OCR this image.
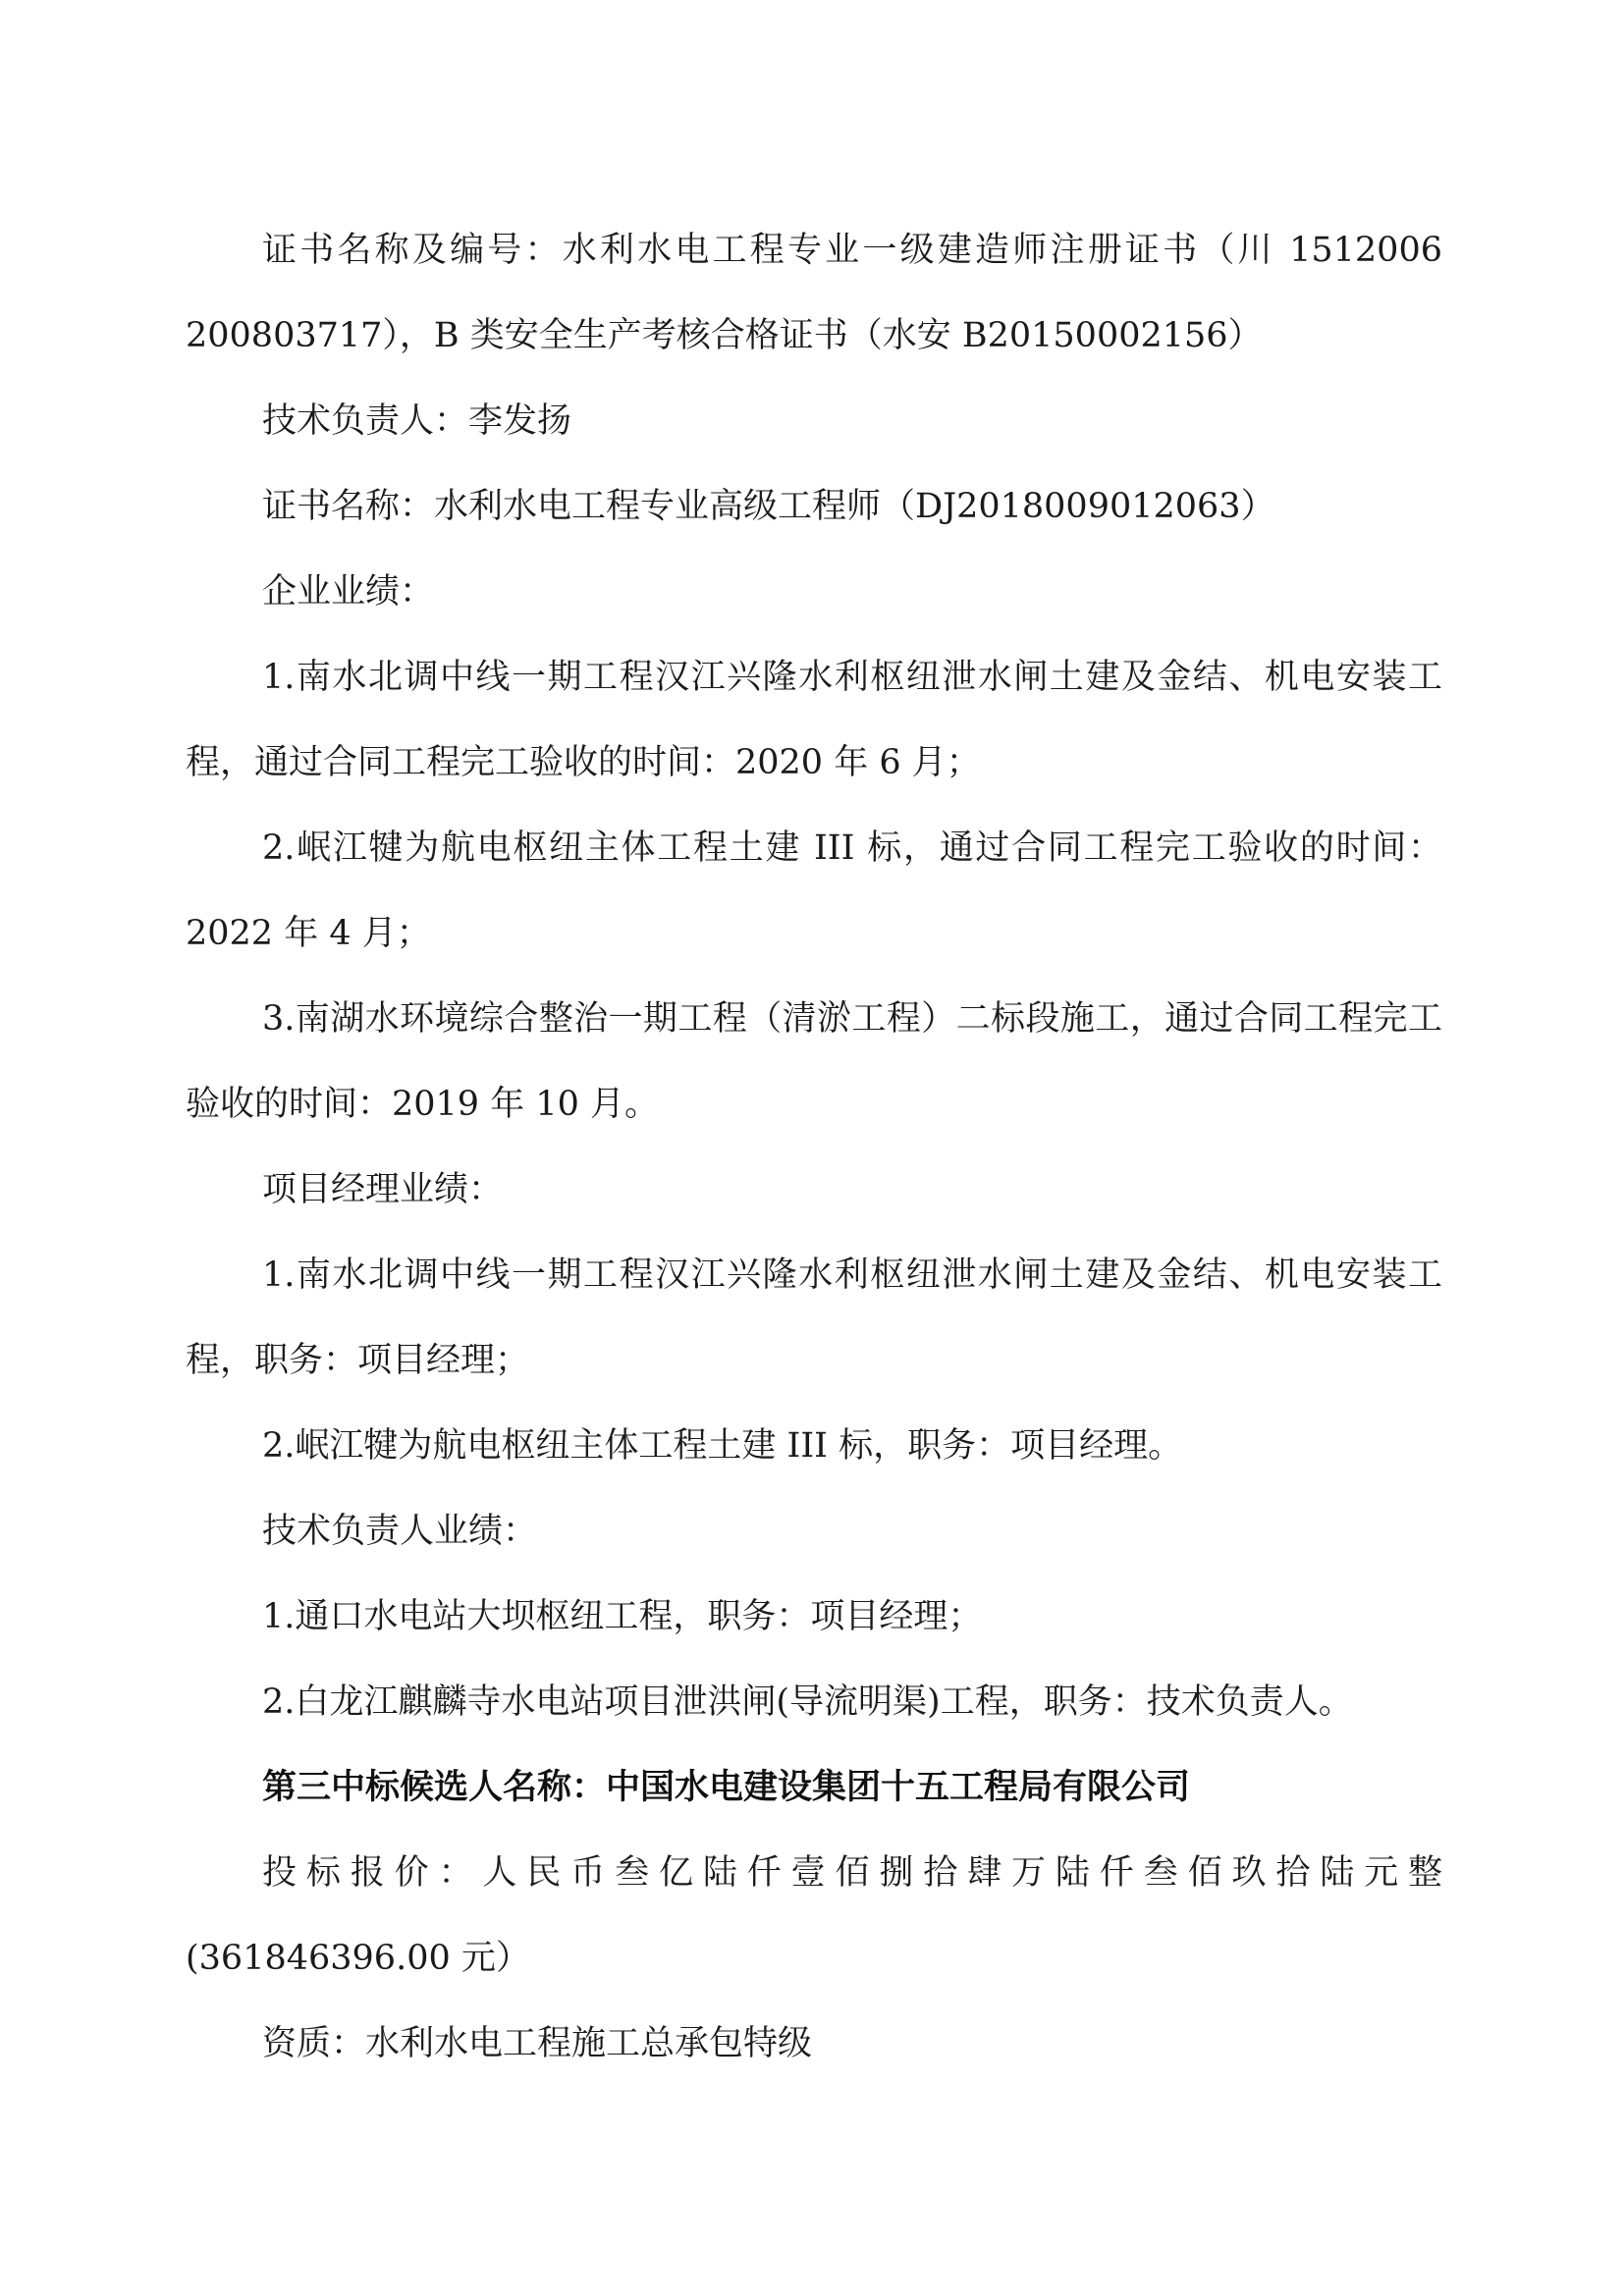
证书名称及编号：水利水电工程专业一级建造师注册证书（川 1512006 200803717），B 类安全生产考核合格证书（水安 B20150002156）

技术负责人：李发扬

证书名称：水利水电工程专业高级工程师（DJ2018009012063）

企业业绩：

1.南水北调中线一期工程汉江兴隆水利枢纽泄水闸土建及金结、机电安装工程，通过合同工程完工验收的时间：2020 年 6 月；

2.岷江犍为航电枢纽主体工程土建 III 标，通过合同工程完工验收的时间：2022 年 4 月；

3.南湖水环境综合整治一期工程（清淤工程）二标段施工，通过合同工程完工验收的时间：2019 年 10 月。

项目经理业绩：

1.南水北调中线一期工程汉江兴隆水利枢纽泄水闸土建及金结、机电安装工程，职务：项目经理；

2.岷江犍为航电枢纽主体工程土建 III 标，职务：项目经理。

技术负责人业绩：

1.通口水电站大坝枢纽工程，职务：项目经理；

2.白龙江麒麟寺水电站项目泄洪闸(导流明渠)工程，职务：技术负责人。

第三中标候选人名称：中国水电建设集团十五工程局有限公司

投标报价：人民币叁亿陆仟壹佰捌拾肆万陆仟叁佰玖拾陆元整(361846396.00 元）

资质：水利水电工程施工总承包特级
